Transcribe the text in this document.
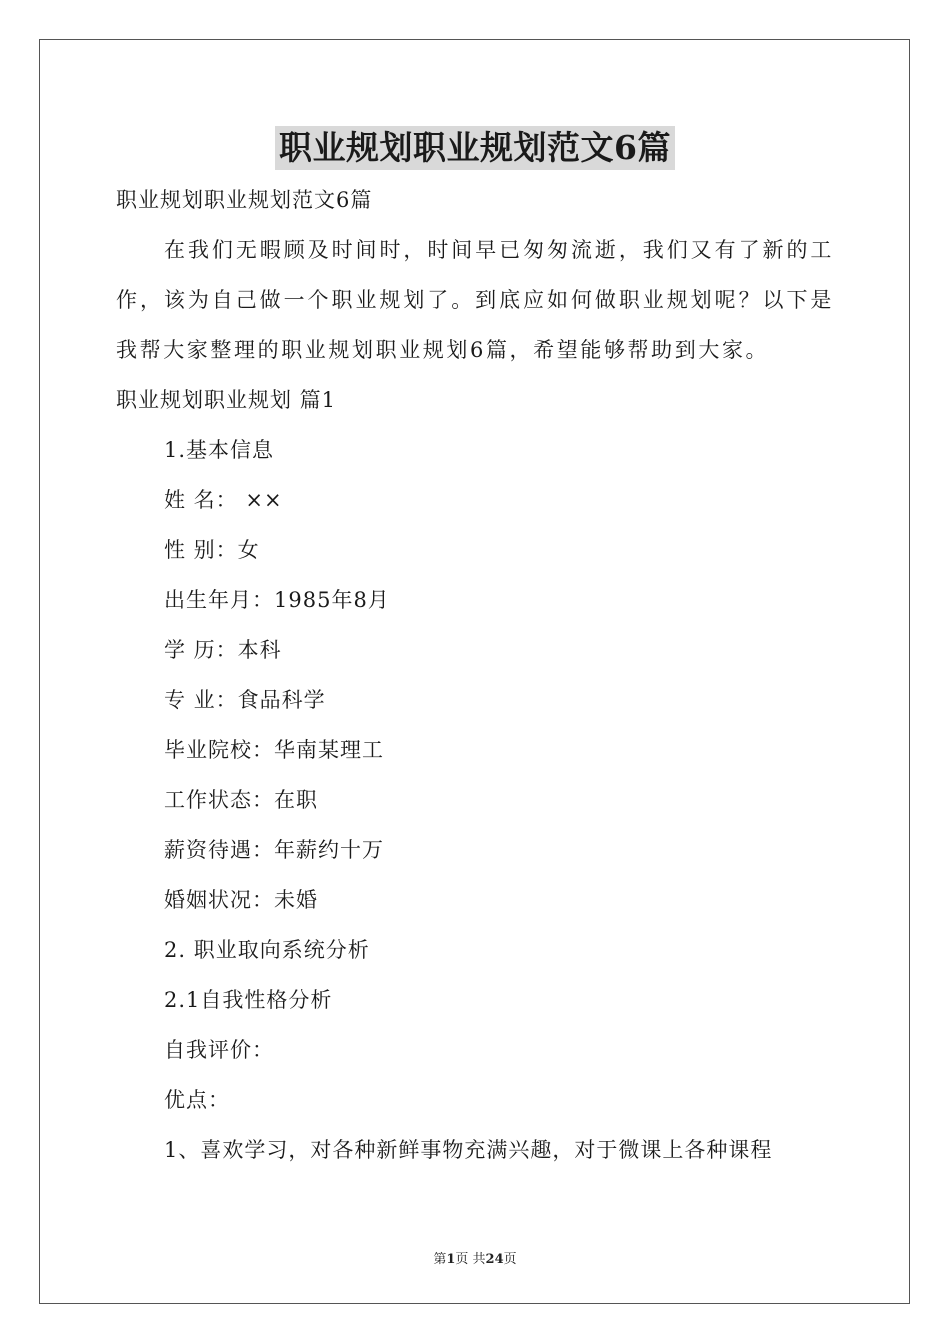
职业规划职业规划范文6篇

职业规划职业规划范文6篇

在我们无暇顾及时间时，时间早已匆匆流逝，我们又有了新的工作，该为自己做一个职业规划了。到底应如何做职业规划呢？以下是我帮大家整理的职业规划职业规划6篇，希望能够帮助到大家。

职业规划职业规划 篇1

1.基本信息

姓 名： ××

性 别：女

出生年月：1985年8月

学 历：本科

专 业：食品科学

毕业院校：华南某理工

工作状态：在职

薪资待遇：年薪约十万

婚姻状况：未婚

2. 职业取向系统分析

2.1自我性格分析

自我评价：

优点：

1、喜欢学习，对各种新鲜事物充满兴趣，对于微课上各种课程

第1页 共24页
